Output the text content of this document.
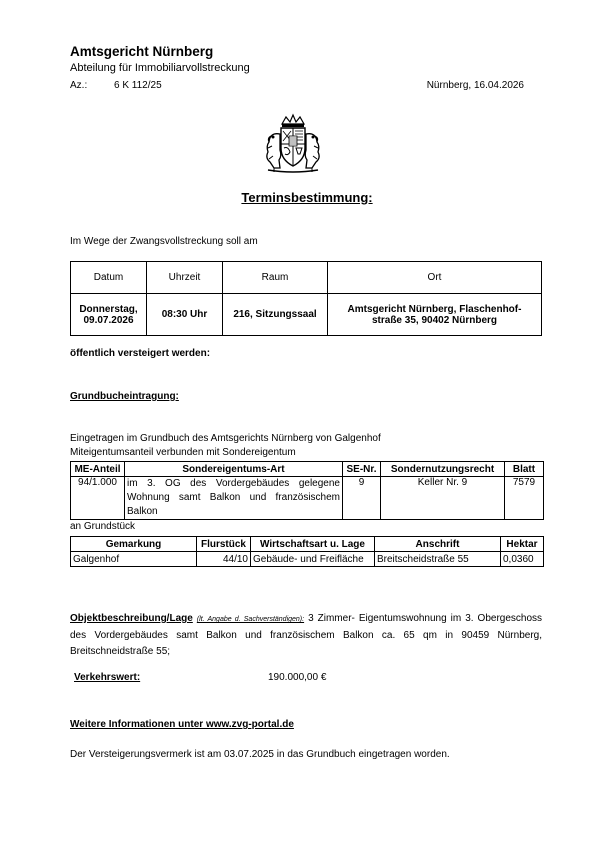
Amtsgericht Nürnberg
Abteilung für Immobiliarvollstreckung
Az.:	6 K 112/25	Nürnberg, 16.04.2026
Terminsbestimmung:
Im Wege der Zwangsvollstreckung soll am
Datum	Uhrzeit	Raum	Ort
Donnerstag,
09.07.2026	08:30 Uhr	216, Sitzungssaal	Amtsgericht Nürnberg, Flaschenhof-
straße 35, 90402 Nürnberg
öffentlich versteigert werden:
Grundbucheintragung:
Eingetragen im Grundbuch des Amtsgerichts Nürnberg von Galgenhof
Miteigentumsanteil verbunden mit Sondereigentum
ME-Anteil	Sondereigentums-Art	SE-Nr.	Sondernutzungsrecht	Blatt
94/1.000	im 3. OG des Vordergebäudes gelegene Wohnung samt Balkon und französischem Balkon	9	Keller Nr. 9	7579
an Grundstück
Gemarkung	Flurstück	Wirtschaftsart u. Lage	Anschrift	Hektar
Galgenhof	44/10	Gebäude- und Freifläche	Breitscheidstraße 55	0,0360
Objektbeschreibung/Lage (lt. Angabe d. Sachverständigen): 3 Zimmer- Eigentumswohnung im 3. Obergeschoss des Vordergebäudes samt Balkon und französischem Balkon ca. 65 qm in 90459 Nürnberg, Breitschneidstraße 55;
Verkehrswert:	190.000,00 €
Weitere Informationen unter www.zvg-portal.de
Der Versteigerungsvermerk ist am 03.07.2025 in das Grundbuch eingetragen worden.
